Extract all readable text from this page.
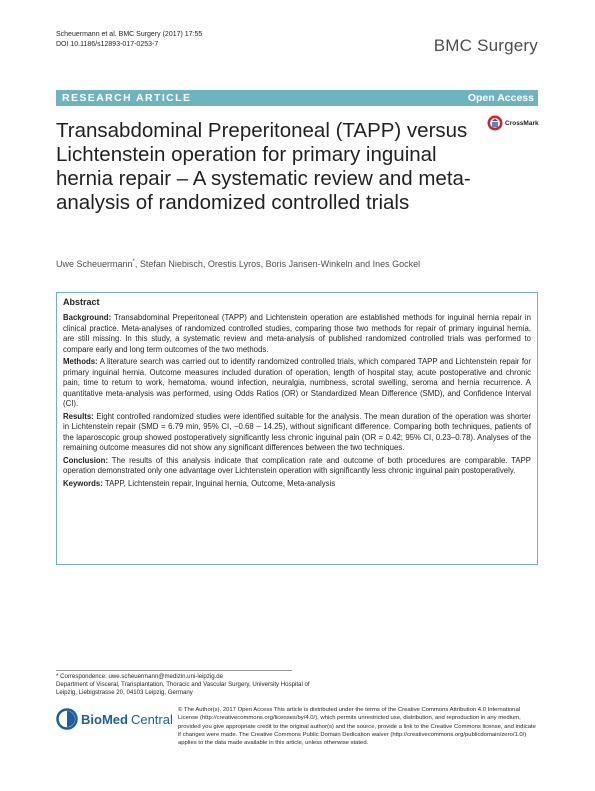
Scheuermann et al. BMC Surgery (2017) 17:55
DOI 10.1186/s12893-017-0253-7	BMC Surgery
RESEARCH ARTICLE	Open Access
Transabdominal Preperitoneal (TAPP) versus Lichtenstein operation for primary inguinal hernia repair – A systematic review and meta-analysis of randomized controlled trials
CrossMark
Uwe Scheuermann*, Stefan Niebisch, Orestis Lyros, Boris Jansen-Winkeln and Ines Gockel
Abstract

Background: Transabdominal Preperitoneal (TAPP) and Lichtenstein operation are established methods for inguinal hernia repair in clinical practice. Meta-analyses of randomized controlled studies, comparing those two methods for repair of primary inguinal hernia, are still missing. In this study, a systematic review and meta-analysis of published randomized controlled trials was performed to compare early and long term outcomes of the two methods.

Methods: A literature search was carried out to identify randomized controlled trials, which compared TAPP and Lichtenstein repair for primary inguinal hernia. Outcome measures included duration of operation, length of hospital stay, acute postoperative and chronic pain, time to return to work, hematoma, wound infection, neuralgia, numbness, scrotal swelling, seroma and hernia recurrence. A quantitative meta-analysis was performed, using Odds Ratios (OR) or Standardized Mean Difference (SMD), and Confidence Interval (CI).

Results: Eight controlled randomized studies were identified suitable for the analysis. The mean duration of the operation was shorter in Lichtenstein repair (SMD = 6.79 min, 95% CI, −0.68 – 14.25), without significant difference. Comparing both techniques, patients of the laparoscopic group showed postoperatively significantly less chronic inguinal pain (OR = 0.42; 95% CI, 0.23–0.78). Analyses of the remaining outcome measures did not show any significant differences between the two techniques.

Conclusion: The results of this analysis indicate that complication rate and outcome of both procedures are comparable. TAPP operation demonstrated only one advantage over Lichtenstein operation with significantly less chronic inguinal pain postoperatively.

Keywords: TAPP, Lichtenstein repair, Inguinal hernia, Outcome, Meta-analysis

* Correspondence: uwe.scheuermann@medizin.uni-leipzig.de
Department of Visceral, Transplantation, Thoracic and Vascular Surgery, University Hospital of Leipzig, Liebigstrasse 20, 04103 Leipzig, Germany
BioMed Central
© The Author(s). 2017 Open Access This article is distributed under the terms of the Creative Commons Attribution 4.0 International License (http://creativecommons.org/licenses/by/4.0/), which permits unrestricted use, distribution, and reproduction in any medium, provided you give appropriate credit to the original author(s) and the source, provide a link to the Creative Commons license, and indicate if changes were made. The Creative Commons Public Domain Dedication waiver (http://creativecommons.org/publicdomain/zero/1.0/) applies to the data made available in this article, unless otherwise stated.
